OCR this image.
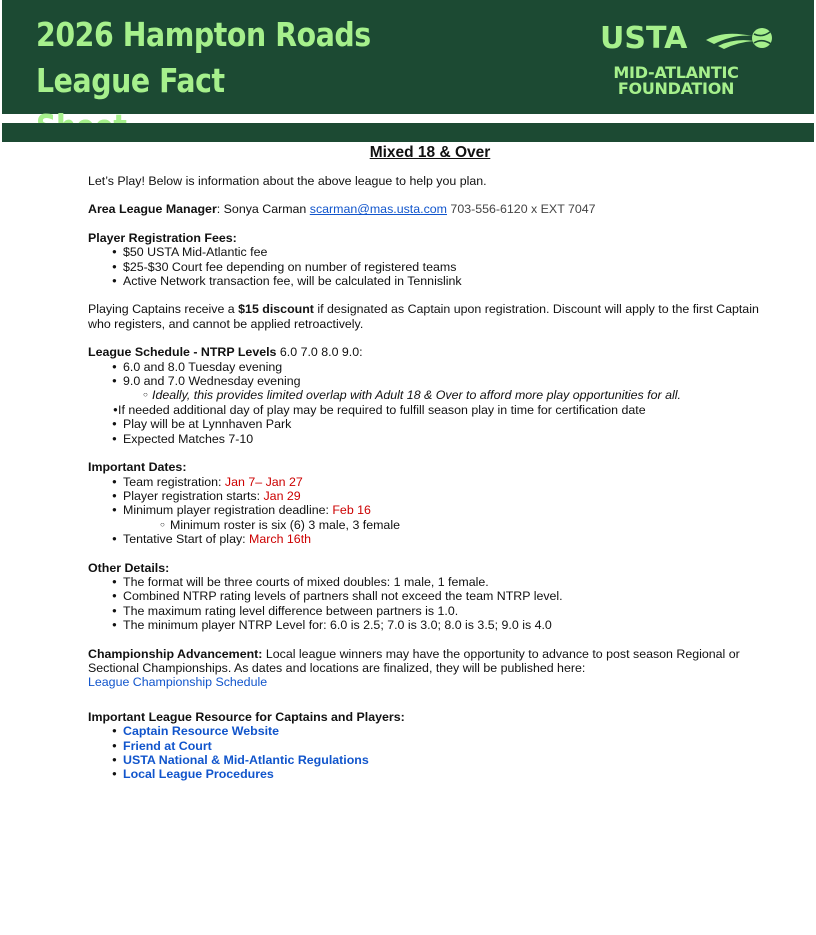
2026 Hampton Roads League Fact
USTA
MID-ATLANTIC
FOUNDATION
Mixed 18 & Over

Let’s Play! Below is information about the above league to help you plan.

Area League Manager: Sonya Carman scarman@mas.usta.com 703-556-6120 x EXT 7047

Player Registration Fees:

● $50 USTA Mid-Atlantic fee
● $25-$30 Court fee depending on number of registered teams
● Active Network transaction fee, will be calculated in Tennislink

Playing Captains receive a $15 discount if designated as Captain upon registration. Discount will apply to the first Captain who registers, and cannot be applied retroactively.

League Schedule - NTRP Levels 6.0 7.0 8.0 9.0:

● 6.0 and 8.0 Tuesday evening
● 9.0 and 7.0 Wednesday evening
○ Ideally, this provides limited overlap with Adult 18 & Over to afford more play opportunities for all.
● If needed additional day of play may be required to fulfill season play in time for certification date
● Play will be at Lynnhaven Park
● Expected Matches 7-10

Important Dates:

● Team registration: Jan 7– Jan 27
● Player registration starts: Jan 29
● Minimum player registration deadline: Feb 16
○ Minimum roster is six (6) 3 male, 3 female
● Tentative Start of play: March 16th

Other Details:

● The format will be three courts of mixed doubles: 1 male, 1 female.
● Combined NTRP rating levels of partners shall not exceed the team NTRP level.
● The maximum rating level difference between partners is 1.0.
● The minimum player NTRP Level for: 6.0 is 2.5; 7.0 is 3.0; 8.0 is 3.5; 9.0 is 4.0

Championship Advancement: Local league winners may have the opportunity to advance to post season Regional or Sectional Championships. As dates and locations are finalized, they will be published here:

League Championship Schedule

Important League Resource for Captains and Players:

● Captain Resource Website
● Friend at Court
● USTA National & Mid-Atlantic Regulations
● Local League Procedures
